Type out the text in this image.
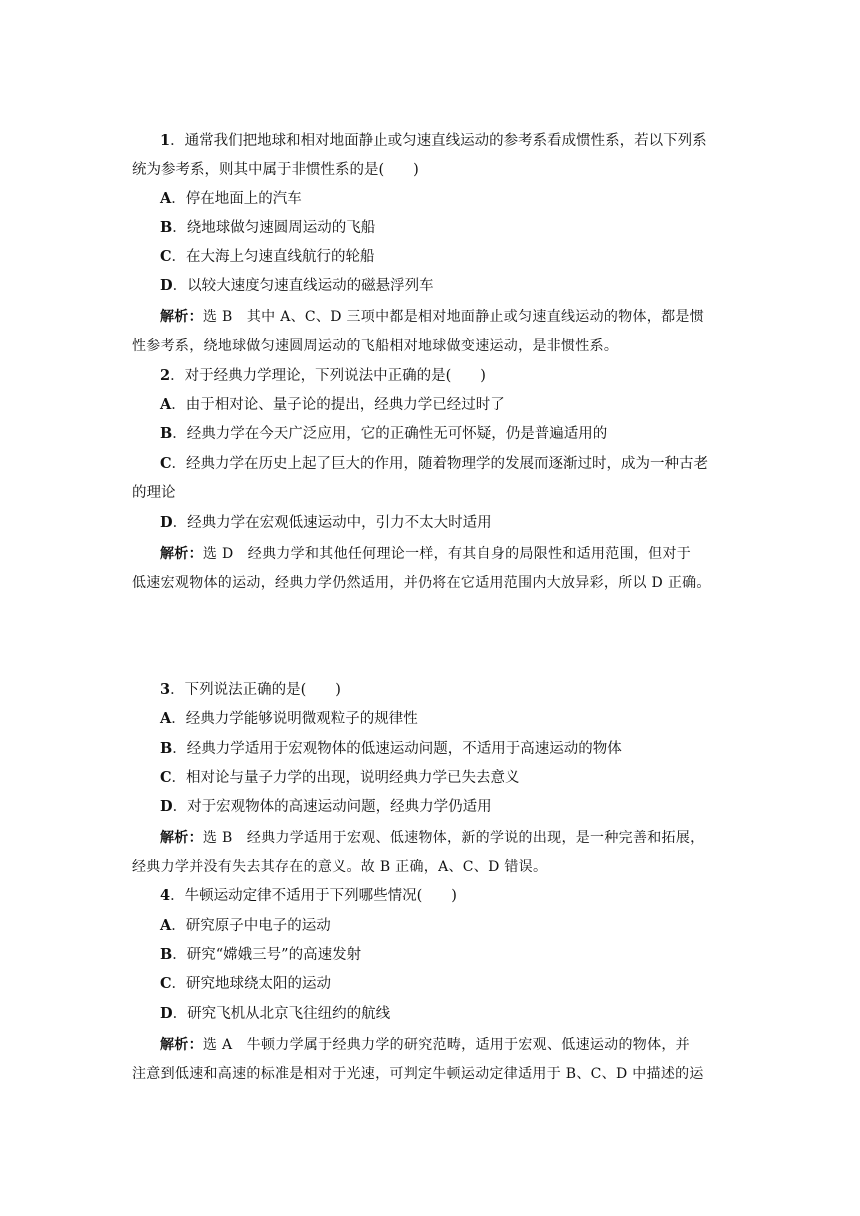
1．通常我们把地球和相对地面静止或匀速直线运动的参考系看成惯性系，若以下列系
统为参考系，则其中属于非惯性系的是(　　)
A．停在地面上的汽车
B．绕地球做匀速圆周运动的飞船
C．在大海上匀速直线航行的轮船
D．以较大速度匀速直线运动的磁悬浮列车
解析：选 B　其中 A、C、D 三项中都是相对地面静止或匀速直线运动的物体，都是惯
性参考系，绕地球做匀速圆周运动的飞船相对地球做变速运动，是非惯性系。
2．对于经典力学理论，下列说法中正确的是(　　)
A．由于相对论、量子论的提出，经典力学已经过时了
B．经典力学在今天广泛应用，它的正确性无可怀疑，仍是普遍适用的
C．经典力学在历史上起了巨大的作用，随着物理学的发展而逐渐过时，成为一种古老
的理论
D．经典力学在宏观低速运动中，引力不太大时适用
解析：选 D　经典力学和其他任何理论一样，有其自身的局限性和适用范围，但对于
低速宏观物体的运动，经典力学仍然适用，并仍将在它适用范围内大放异彩，所以 D 正确。
3．下列说法正确的是(　　)
A．经典力学能够说明微观粒子的规律性
B．经典力学适用于宏观物体的低速运动问题，不适用于高速运动的物体
C．相对论与量子力学的出现，说明经典力学已失去意义
D．对于宏观物体的高速运动问题，经典力学仍适用
解析：选 B　经典力学适用于宏观、低速物体，新的学说的出现，是一种完善和拓展，
经典力学并没有失去其存在的意义。故 B 正确，A、C、D 错误。
4．牛顿运动定律不适用于下列哪些情况(　　)
A．研究原子中电子的运动
B．研究“嫦娥三号”的高速发射
C．研究地球绕太阳的运动
D．研究飞机从北京飞往纽约的航线
解析：选 A　牛顿力学属于经典力学的研究范畴，适用于宏观、低速运动的物体，并
注意到低速和高速的标准是相对于光速，可判定牛顿运动定律适用于 B、C、D 中描述的运
